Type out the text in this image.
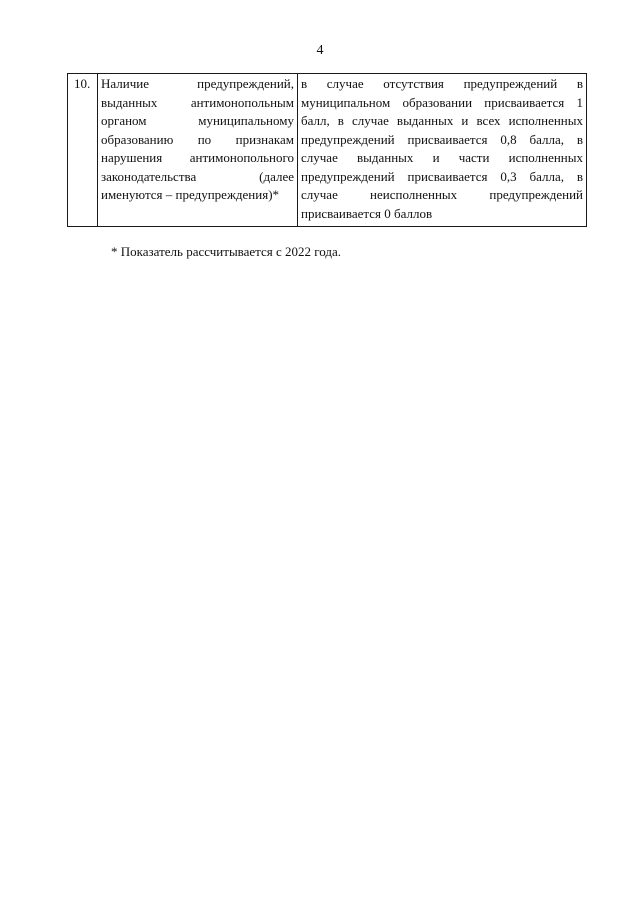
4
10.	Наличие предупреждений, выданных антимонопольным органом муниципальному образованию по признакам нарушения антимонопольного законодательства (далее именуются – предупреждения)*	в случае отсутствия предупреждений в муниципальном образовании присваивается 1 балл, в случае выданных и всех исполненных предупреждений присваивается 0,8 балла, в случае выданных и части исполненных предупреждений присваивается 0,3 балла, в случае неисполненных предупреждений присваивается 0 баллов
* Показатель рассчитывается с 2022 года.
